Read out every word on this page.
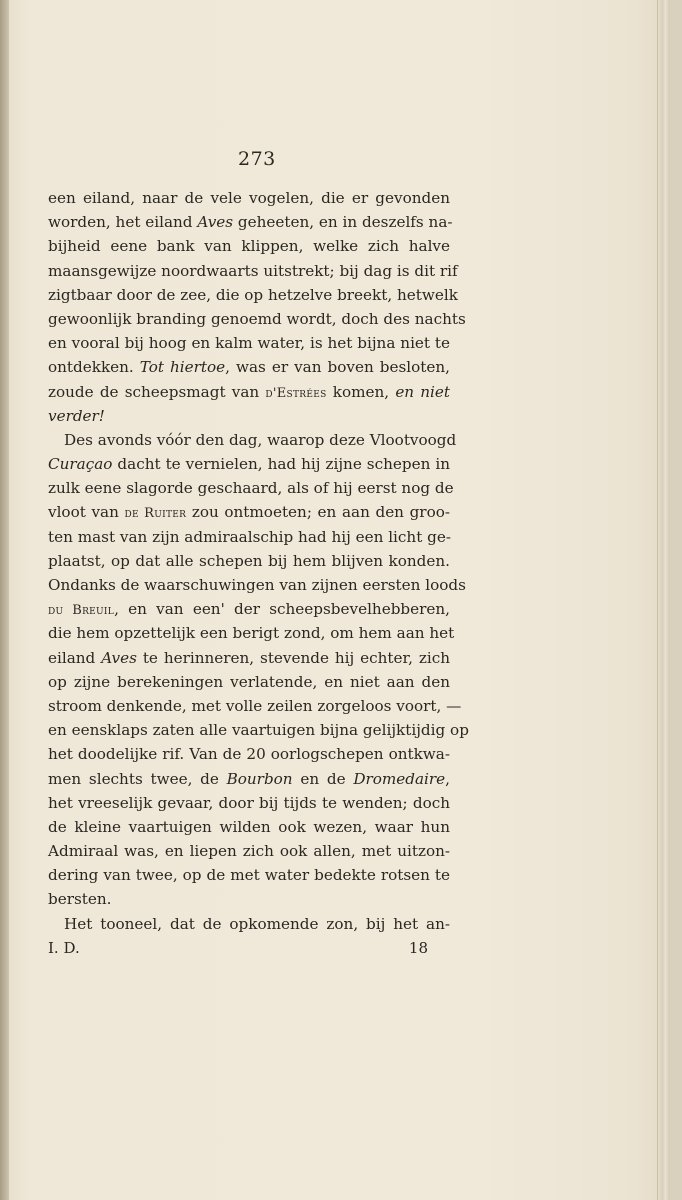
273
een eiland, naar de vele vogelen, die er gevonden
worden, het eiland Aves geheeten, en in deszelfs na-
bijheid eene bank van klippen, welke zich halve
maansgewijze noordwaarts uitstrekt; bij dag is dit rif
zigtbaar door de zee, die op hetzelve breekt, hetwelk
gewoonlijk branding genoemd wordt, doch des nachts
en vooral bij hoog en kalm water, is het bijna niet te
ontdekken. Tot hiertoe, was er van boven besloten,
zoude de scheepsmagt van d'Estrées komen, en niet
verder!
Des avonds vóór den dag, waarop deze Vlootvoogd
Curaçao dacht te vernielen, had hij zijne schepen in
zulk eene slagorde geschaard, als of hij eerst nog de
vloot van de Ruiter zou ontmoeten; en aan den groo-
ten mast van zijn admiraalschip had hij een licht ge-
plaatst, op dat alle schepen bij hem blijven konden.
Ondanks de waarschuwingen van zijnen eersten loods
du Breuil, en van een' der scheepsbevelhebberen,
die hem opzettelijk een berigt zond, om hem aan het
eiland Aves te herinneren, stevende hij echter, zich
op zijne berekeningen verlatende, en niet aan den
stroom denkende, met volle zeilen zorgeloos voort, —
en eensklaps zaten alle vaartuigen bijna gelijktijdig op
het doodelijke rif. Van de 20 oorlogschepen ontkwa-
men slechts twee, de Bourbon en de Dromedaire,
het vreeselijk gevaar, door bij tijds te wenden; doch
de kleine vaartuigen wilden ook wezen, waar hun
Admiraal was, en liepen zich ook allen, met uitzon-
dering van twee, op de met water bedekte rotsen te
bersten.
Het tooneel, dat de opkomende zon, bij het an-
I. D.	18
